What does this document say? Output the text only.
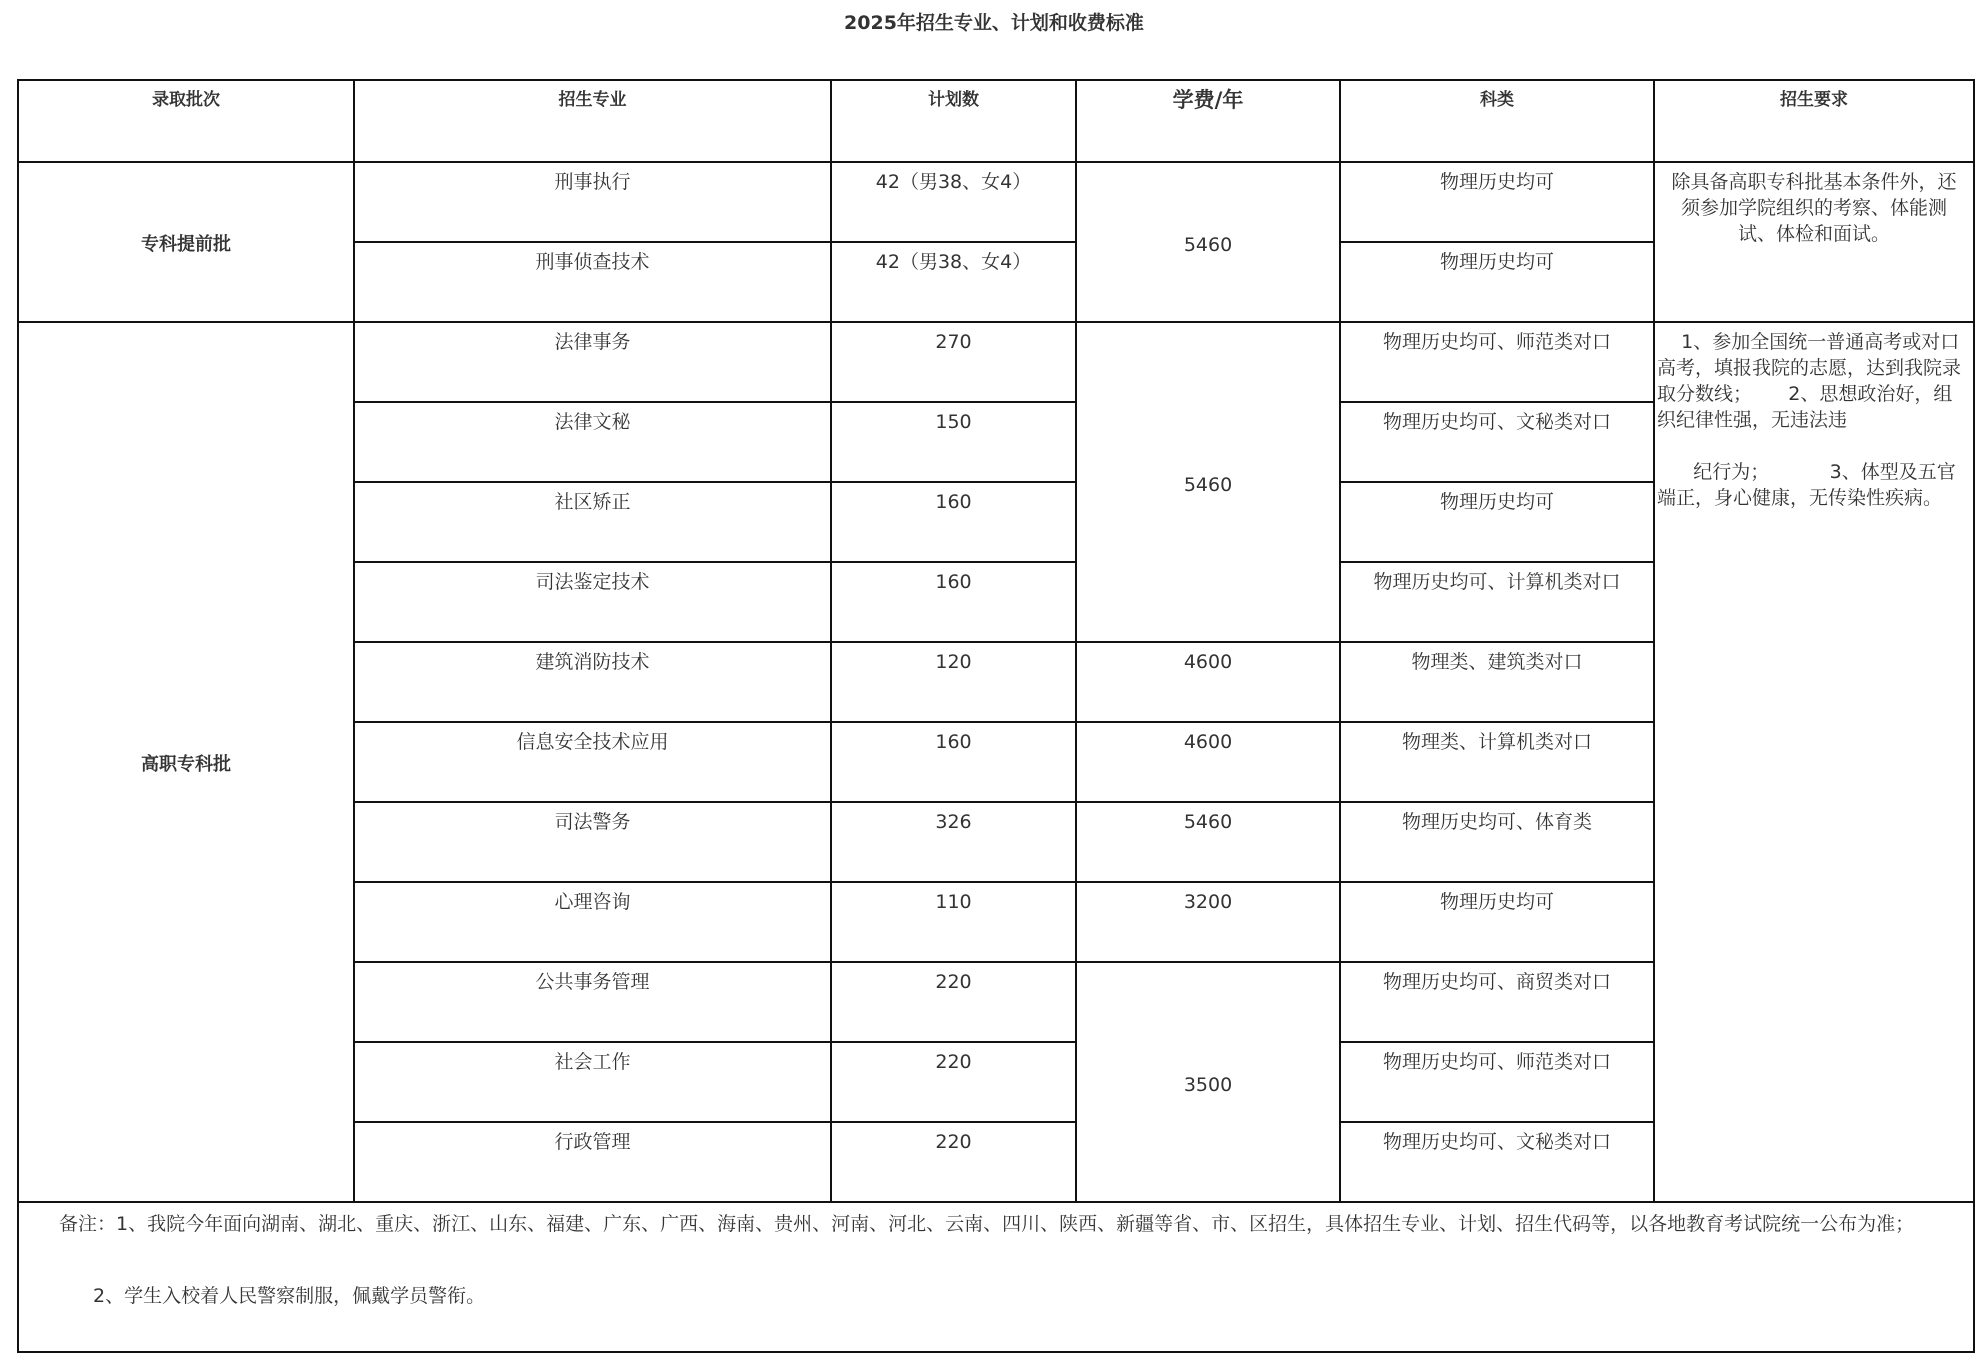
2025年招生专业、计划和收费标准
录取批次	招生专业	计划数	学费/年	科类	招生要求
专科提前批	刑事执行	42（男38、女4）	5460	物理历史均可	除具备高职专科批基本条件外，还须参加学院组织的考察、体能测试、体检和面试。

	刑事侦查技术	42（男38、女4）		物理历史均可	
高职专科批	法律事务	270	5460	物理历史均可、师范类对口	1、参加全国统一普通高考或对口高考，填报我院的志愿，达到我院录取分数线；      2、思想政治好，组织纪律性强，无违法违

纪行为；          3、体型及五官端正，身心健康，无传染性疾病。

	法律文秘	150		物理历史均可、文秘类对口	
	社区矫正	160		物理历史均可	
	司法鉴定技术	160		物理历史均可、计算机类对口	
	建筑消防技术	120	4600	物理类、建筑类对口	
	信息安全技术应用	160	4600	物理类、计算机类对口	
	司法警务	326	5460	物理历史均可、体育类	
	心理咨询	110	3200	物理历史均可	
	公共事务管理	220	3500	物理历史均可、商贸类对口	
	社会工作	220		物理历史均可、师范类对口	
	行政管理	220		物理历史均可、文秘类对口	

备注：1、我院今年面向湖南、湖北、重庆、浙江、山东、福建、广东、广西、海南、贵州、河南、河北、云南、四川、陕西、新疆等省、市、区招生，具体招生专业、计划、招生代码等，以各地教育考试院统一公布为准；
2、学生入校着人民警察制服，佩戴学员警衔。					
